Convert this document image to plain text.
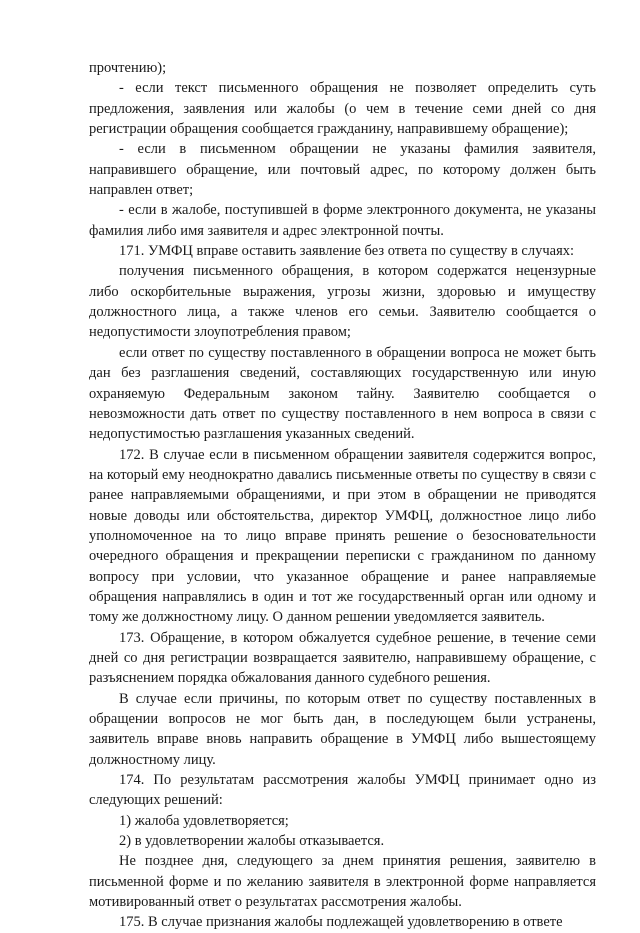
прочтению);

- если текст письменного обращения не позволяет определить суть предложения, заявления или жалобы (о чем в течение семи дней со дня регистрации обращения сообщается гражданину, направившему обращение);

- если в письменном обращении не указаны фамилия заявителя, направившего обращение, или почтовый адрес, по которому должен быть направлен ответ;

- если в жалобе, поступившей в форме электронного документа, не указаны фамилия либо имя заявителя и адрес электронной почты.

171. УМФЦ вправе оставить заявление без ответа по существу в случаях:

получения письменного обращения, в котором содержатся нецензурные либо оскорбительные выражения, угрозы жизни, здоровью и имуществу должностного лица, а также членов его семьи. Заявителю сообщается о недопустимости злоупотребления правом;

если ответ по существу поставленного в обращении вопроса не может быть дан без разглашения сведений, составляющих государственную или иную охраняемую Федеральным законом тайну. Заявителю сообщается о невозможности дать ответ по существу поставленного в нем вопроса в связи с недопустимостью разглашения указанных сведений.

172. В случае если в письменном обращении заявителя содержится вопрос, на который ему неоднократно давались письменные ответы по существу в связи с ранее направляемыми обращениями, и при этом в обращении не приводятся новые доводы или обстоятельства, директор УМФЦ, должностное лицо либо уполномоченное на то лицо вправе принять решение о безосновательности очередного обращения и прекращении переписки с гражданином по данному вопросу при условии, что указанное обращение и ранее направляемые обращения направлялись в один и тот же государственный орган или одному и тому же должностному лицу. О данном решении уведомляется заявитель.

173. Обращение, в котором обжалуется судебное решение, в течение семи дней со дня регистрации возвращается заявителю, направившему обращение, с разъяснением порядка обжалования данного судебного решения.

В случае если причины, по которым ответ по существу поставленных в обращении вопросов не мог быть дан, в последующем были устранены, заявитель вправе вновь направить обращение в УМФЦ либо вышестоящему должностному лицу.

174. По результатам рассмотрения жалобы УМФЦ принимает одно из следующих решений:

1) жалоба удовлетворяется;

2) в удовлетворении жалобы отказывается.

Не позднее дня, следующего за днем принятия решения, заявителю в письменной форме и по желанию заявителя в электронной форме направляется мотивированный ответ о результатах рассмотрения жалобы.

175. В случае признания жалобы подлежащей удовлетворению в ответе
